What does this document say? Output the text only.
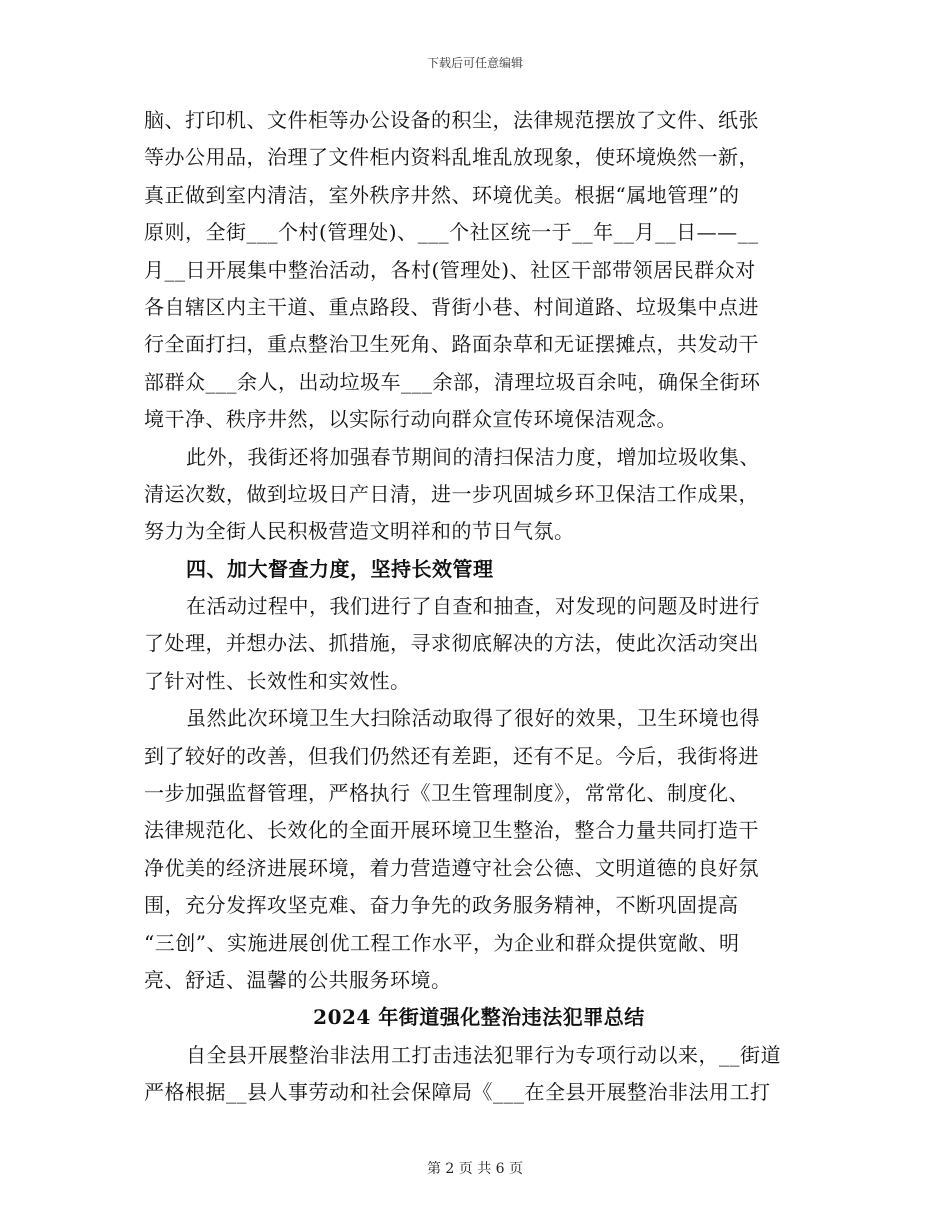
下载后可任意编辑
脑、打印机、文件柜等办公设备的积尘，法律规范摆放了文件、纸张
等办公用品，治理了文件柜内资料乱堆乱放现象，使环境焕然一新，
真正做到室内清洁，室外秩序井然、环境优美。根据“属地管理”的
原则，全街___个村(管理处)、___个社区统一于__年__月__日——__
月__日开展集中整治活动，各村(管理处)、社区干部带领居民群众对
各自辖区内主干道、重点路段、背街小巷、村间道路、垃圾集中点进
行全面打扫，重点整治卫生死角、路面杂草和无证摆摊点，共发动干
部群众___余人，出动垃圾车___余部，清理垃圾百余吨，确保全街环
境干净、秩序井然，以实际行动向群众宣传环境保洁观念。
此外，我街还将加强春节期间的清扫保洁力度，增加垃圾收集、
清运次数，做到垃圾日产日清，进一步巩固城乡环卫保洁工作成果，
努力为全街人民积极营造文明祥和的节日气氛。
四、加大督查力度，坚持长效管理
在活动过程中，我们进行了自查和抽查，对发现的问题及时进行
了处理，并想办法、抓措施，寻求彻底解决的方法，使此次活动突出
了针对性、长效性和实效性。
虽然此次环境卫生大扫除活动取得了很好的效果，卫生环境也得
到了较好的改善，但我们仍然还有差距，还有不足。今后，我街将进
一步加强监督管理，严格执行《卫生管理制度》，常常化、制度化、
法律规范化、长效化的全面开展环境卫生整治，整合力量共同打造干
净优美的经济进展环境，着力营造遵守社会公德、文明道德的良好氛
围，充分发挥攻坚克难、奋力争先的政务服务精神，不断巩固提高
“三创”、实施进展创优工程工作水平，为企业和群众提供宽敞、明
亮、舒适、温馨的公共服务环境。
2024 年街道强化整治违法犯罪总结
自全县开展整治非法用工打击违法犯罪行为专项行动以来，__街道
严格根据__县人事劳动和社会保障局《___在全县开展整治非法用工打
第 2 页 共 6 页
